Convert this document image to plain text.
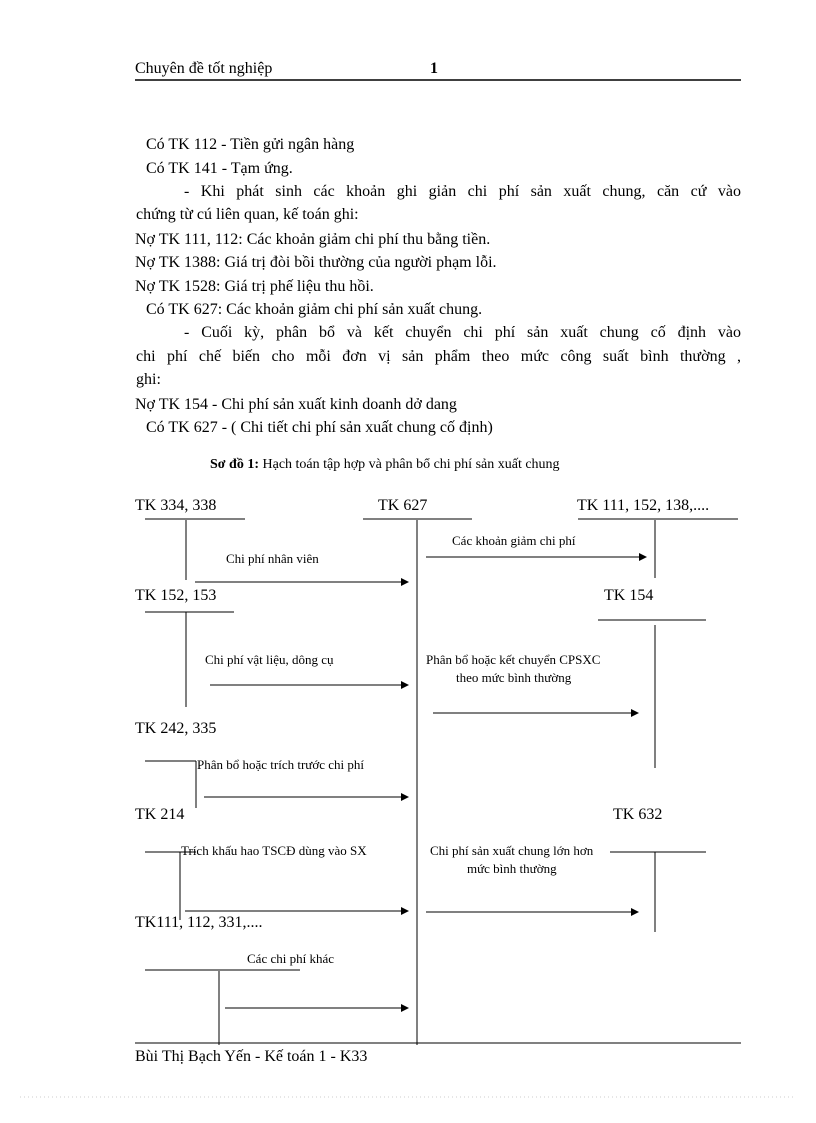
Chuyên đề tốt nghiệp	1
Có TK 112 - Tiền gửi ngân hàng
Có TK 141 - Tạm ứng.
- Khi phát sinh các khoản ghi giản chi phí sản xuất chung, căn cứ vào
chứng từ cú liên quan, kế toán ghi:
Nợ TK 111, 112: Các khoản giảm chi phí thu bằng tiền.
Nợ TK 1388: Giá trị đòi bồi thường của người phạm lỗi.
Nợ TK 1528: Giá trị phế liệu thu hồi.
Có TK 627: Các khoản giảm chi phí sản xuất chung.
- Cuối kỳ, phân bổ và kết chuyển chi phí sản xuất chung cố định vào
chi phí chế biến cho mỗi đơn vị sản phẩm theo mức công suất bình thường ,
ghi:
Nợ TK 154 - Chi phí sản xuất kinh doanh dở dang
Có TK 627 - ( Chi tiết chi phí sản xuất chung cố định)
Sơ đồ 1: Hạch toán tập hợp và phân bổ chi phí sản xuất chung
TK 334, 338	TK 627	TK 111, 152, 138,....
TK 152, 153	TK 154
TK 242, 335
TK 214	TK 632
TK111, 112, 331,....
Chi phí nhân viên
Các khoản giảm chi phí
Chi phí vật liệu, dông cụ	Phân bổ hoặc kết chuyển CPSXC
theo mức bình thường
Phân bổ hoặc trích trước chi phí
Trích khấu hao TSCĐ dùng vào SX	Chi phí sản xuất chung lớn hơn
mức bình thường
Các chi phí khác
Bùi Thị Bạch Yến - Kế toán 1 - K33
